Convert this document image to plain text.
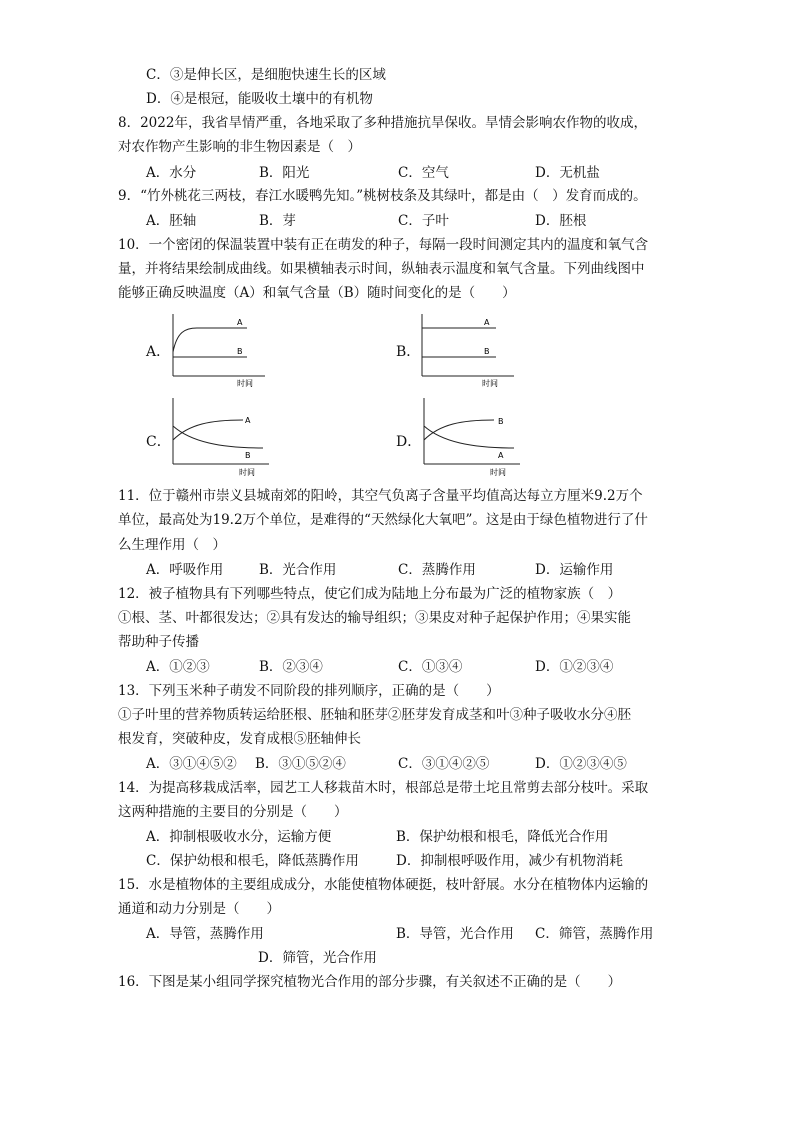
C．③是伸长区，是细胞快速生长的区域
D．④是根冠，能吸收土壤中的有机物
8．2022年，我省旱情严重，各地采取了多种措施抗旱保收。旱情会影响农作物的收成，
对农作物产生影响的非生物因素是（　）
A．水分	B．阳光	C．空气	D．无机盐
9．“竹外桃花三两枝，春江水暖鸭先知。”桃树枝条及其绿叶，都是由（　）发育而成的。
A．胚轴	B．芽	C．子叶	D．胚根
10．一个密闭的保温装置中装有正在萌发的种子，每隔一段时间测定其内的温度和氧气含
量，并将结果绘制成曲线。如果横轴表示时间，纵轴表示温度和氧气含量。下列曲线图中
能够正确反映温度（A）和氧气含量（B）随时间变化的是（　　）
A．
A
B
时间
B．
A
B
时间
C．
A
B
时间
D．
B
A
时间
11．位于赣州市崇义县城南郊的阳岭，其空气负离子含量平均值高达每立方厘米9.2万个
单位，最高处为19.2万个单位，是难得的“天然绿化大氧吧”。这是由于绿色植物进行了什
么生理作用（　）
A．呼吸作用	B．光合作用	C．蒸腾作用	D．运输作用
12．被子植物具有下列哪些特点，使它们成为陆地上分布最为广泛的植物家族（　）
①根、茎、叶都很发达；②具有发达的输导组织；③果皮对种子起保护作用；④果实能
帮助种子传播
A．①②③	B．②③④	C．①③④	D．①②③④
13．下列玉米种子萌发不同阶段的排列顺序，正确的是（　　）
①子叶里的营养物质转运给胚根、胚轴和胚芽②胚芽发育成茎和叶③种子吸收水分④胚
根发育，突破种皮，发育成根⑤胚轴伸长
A．③①④⑤② B．③①⑤②④	C．③①④②⑤	D．①②③④⑤
14．为提高移栽成活率，园艺工人移栽苗木时，根部总是带土坨且常剪去部分枝叶。采取
这两种措施的主要目的分别是（　　）
A．抑制根吸收水分，运输方便	B．保护幼根和根毛，降低光合作用
C．保护幼根和根毛，降低蒸腾作用	D．抑制根呼吸作用，减少有机物消耗
15．水是植物体的主要组成成分，水能使植物体硬挺，枝叶舒展。水分在植物体内运输的
通道和动力分别是（　　）
A．导管，蒸腾作用	B．导管，光合作用 C．筛管，蒸腾作用
D．筛管，光合作用
16．下图是某小组同学探究植物光合作用的部分步骤，有关叙述不正确的是（　　）
